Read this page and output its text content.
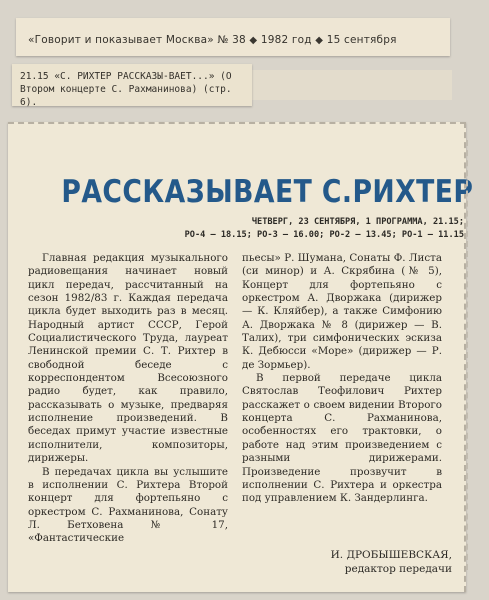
«Говорит и показывает Москва» № 38 ◆ 1982 год ◆ 15 сентября
21.15 «С. РИХТЕР РАССКАЗЫ-ВАЕТ...» (О Втором концерте С. Рахманинова) (стр. 6).
РАССКАЗЫВАЕТ С.РИХТЕР
ЧЕТВЕРГ, 23 СЕНТЯБРЯ, 1 ПРОГРАММА, 21.15;
РО-4 — 18.15; РО-3 — 16.00; РО-2 — 13.45; РО-1 — 11.15

Главная редакция музыкального радиовещания начинает новый цикл передач, рассчитанный на сезон 1982/83 г. Каждая передача цикла будет выходить раз в месяц. Народный артист СССР, Герой Социалистического Труда, лауреат Ленинской премии С. Т. Рихтер в свободной беседе с корреспондентом Всесоюзного радио будет, как правило, рассказывать о музыке, предваряя исполнение произведений. В беседах примут участие известные исполнители, композиторы, дирижеры.

В передачах цикла вы услышите в исполнении С. Рихтера Второй концерт для фортепьяно с оркестром С. Рахманинова, Сонату Л. Бетховена № 17, «Фантастические

пьесы» Р. Шумана, Сонаты Ф. Листа (си минор) и А. Скрябина (№ 5), Концерт для фортепьяно с оркестром А. Дворжака (дирижер — К. Кляйбер), а также Симфонию А. Дворжака № 8 (дирижер — В. Талих), три симфонических эскиза К. Дебюсси «Море» (дирижер — Р. де Зормьер).

В первой передаче цикла Святослав Теофилович Рихтер расскажет о своем видении Второго концерта С. Рахманинова, особенностях его трактовки, о работе над этим произведением с разными дирижерами. Произведение прозвучит в исполнении С. Рихтера и оркестра под управлением К. Зандерлинга.

И. ДРОБЫШЕВСКАЯ,
редактор передачи
